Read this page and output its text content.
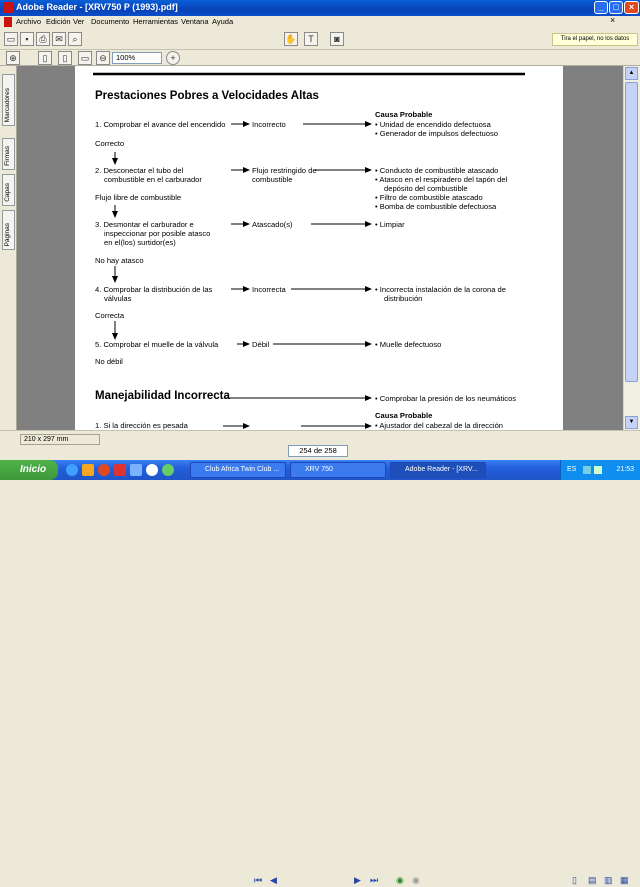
Adobe Reader - [XRV750 P (1993).pdf]	_	□	×
Archivo Edición Ver Documento Herramientas Ventana Ayuda	×
▭	▪	⎙ ✉	⌕	✋	T	◙	Tira el papel, no los datos
⊕	▯	▯	▭	⊖	+
100%
Marcadores
Firmas
Capas
Páginas
Prestaciones Pobres a Velocidades Altas
Causa Probable
1. Comprobar el avance del encendido	Incorrecto	• Unidad de encendido defectuosa
• Generador de impulsos defectuoso
Correcto
2. Desconectar el tubo del
combustible en el carburador
Flujo restringido de
combustible
• Conducto de combustible atascado
• Atasco en el respiradero del tapón del
depósito del combustible
• Filtro de combustible atascado
• Bomba de combustible defectuosa
Flujo libre de combustible
3. Desmontar el carburador e
inspeccionar por posible atasco
en el(los) surtidor(es)
Atascado(s)	• Limpiar
No hay atasco
4. Comprobar la distribución de las
válvulas
Incorrecta	• Incorrecta instalación de la corona de
distribución
Correcta
5. Comprobar el muelle de la válvula	Débil	• Muelle defectuoso
No débil
Manejabilidad Incorrecta	• Comprobar la presión de los neumáticos
Causa Probable
1. Si la dirección es pesada	• Ajustador del cabezal de la dirección
▲
▼
⏮ ◀	▶	⏭	◉ ◉	▯	▤ ▥ ▦
210 x 297 mm
254 de 258
Inicio	Club Africa Twin Club ...	XRV 750	Adobe Reader - [XRV...	ES	21:53
